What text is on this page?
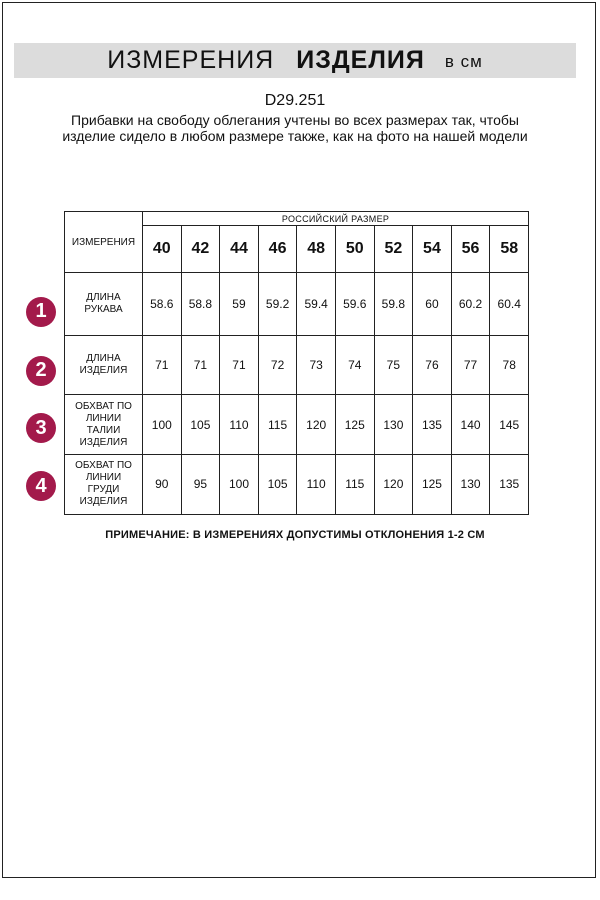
ИЗМЕРЕНИЯ ИЗДЕЛИЯ в см
D29.251
Прибавки на свободу облегания учтены во всех размерах так, чтобы изделие сидело в любом размере также, как на фото на нашей модели
ИЗМЕРЕНИЯ	РОССИЙСКИЙ РАЗМЕР									
	40	42	44	46	48	50	52	54	56	58

ДЛИНА
РУКАВА	58.6	58.8	59	59.2	59.4	59.6	59.8	60	60.2	60.4

ДЛИНА
ИЗДЕЛИЯ	71	71	71	72	73	74	75	76	77	78

ОБХВАТ ПО
ЛИНИИ
ТАЛИИ
ИЗДЕЛИЯ	100	105	110	115	120	125	130	135	140	145

ОБХВАТ ПО
ЛИНИИ
ГРУДИ
ИЗДЕЛИЯ	90	95	100	105	110	115	120	125	130	135
1
2
3
4
ПРИМЕЧАНИЕ: В ИЗМЕРЕНИЯХ ДОПУСТИМЫ ОТКЛОНЕНИЯ 1-2 СМ
